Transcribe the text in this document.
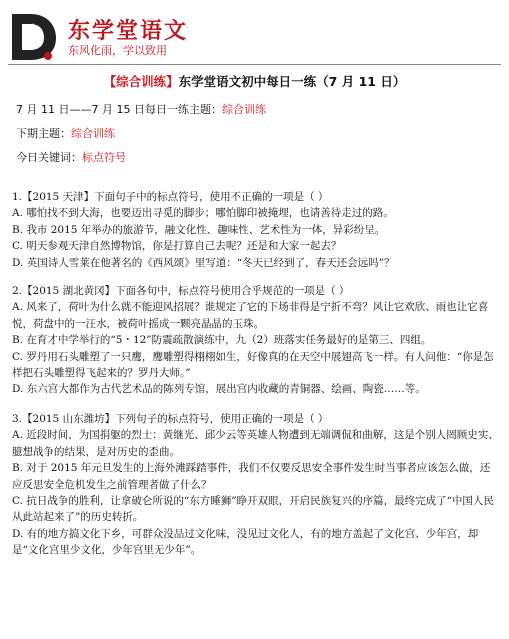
东学堂语文
东风化雨，学以致用
【综合训练】东学堂语文初中每日一练（7 月 11 日）
7 月 11 日——7 月 15 日每日一练主题：综合训练
下期主题：综合训练
今日关键词：标点符号

1.【2015 天津】下面句子中的标点符号，使用不正确的一项是（ ）

A. 哪怕找不到大海，也要迈出寻觅的脚步；哪怕脚印被掩埋，也请善待走过的路。

B. 我市 2015 年举办的旅游节，融文化性、趣味性、艺术性为一体，异彩纷呈。

C. 明天参观天津自然博物馆，你是打算自己去呢？还是和大家一起去？

D. 英国诗人雪莱在他著名的《西风颂》里写道：“冬天已经到了，春天还会远吗”？

2.【2015 湖北黄冈】下面各句中，标点符号使用合乎规范的一项是（ ）

A. 风来了，荷叶为什么就不能迎风招展？谁规定了它的下场非得是宁折不弯？风让它欢欣、雨也让它喜悦，荷盘中的一汪水，被荷叶摇成一颗亮晶晶的玉珠。

B. 在育才中学举行的“5・12”防震疏散演练中，九（2）班落实任务最好的是第三、四组。

C. 罗丹用石头雕塑了一只鹰，鹰雕塑得栩栩如生，好像真的在天空中展翅高飞一样。有人问他：“你是怎样把石头雕塑得飞起来的？罗丹大师。”

D. 东六宫大都作为古代艺术品的陈列专馆，展出宫内收藏的青铜器、绘画、陶瓷……等。

3.【2015 山东潍坊】下列句子的标点符号，使用正确的一项是（ ）

A. 近段时间，为国捐躯的烈士：黄继光、邱少云等英雄人物遭到无端调侃和曲解，这是个别人罔顾史实、臆想战争的结果，是对历史的歪曲。

B. 对于 2015 年元旦发生的上海外滩踩踏事件，我们不仅要反思安全事件发生时当事者应该怎么做，还应反思安全危机发生之前管理者做了什么？

C. 抗日战争的胜利，让拿破仑所说的“东方睡狮”睁开双眼，开启民族复兴的序篇，最终完成了“中国人民从此站起来了”的历史转折。

D. 有的地方搞文化下乡，可群众没品过文化味，没见过文化人，有的地方盖起了文化宫、少年宫，却是“文化宫里少文化，少年宫里无少年”。
